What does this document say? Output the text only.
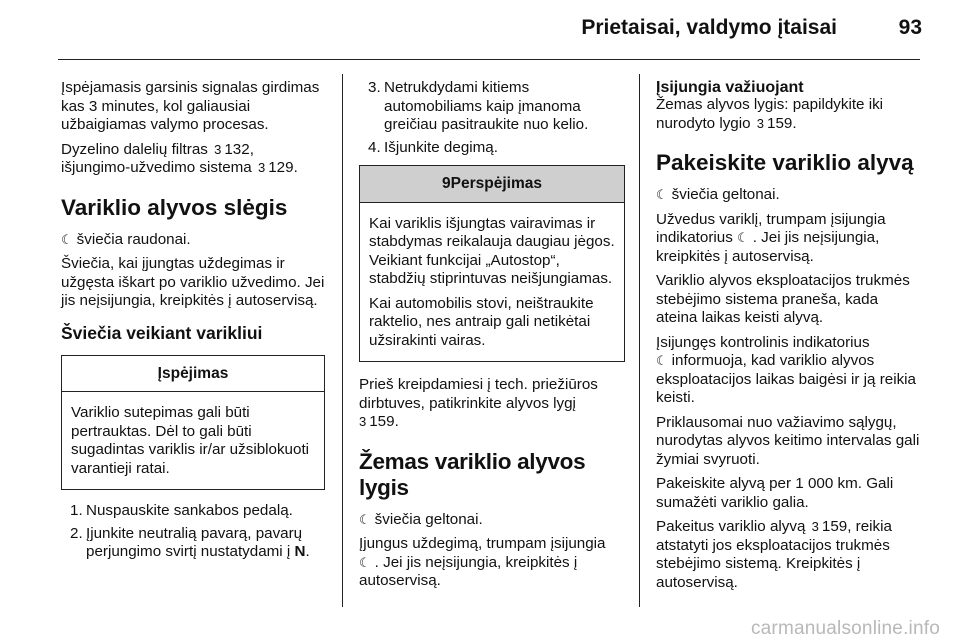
Prietaisai, valdymo įtaisai	93

Įspėjamasis garsinis signalas girdimas kas 3 minutes, kol galiausiai užbaigiamas valymo procesas.

Dyzelino dalelių filtras 3 132,
išjungimo-užvedimo sistema 3 129.

Variklio alyvos slėgis

☾ šviečia raudonai.

Šviečia, kai įjungtas uždegimas ir užgęsta iškart po variklio užvedimo. Jei jis neįsijungia, kreipkitės į autoservisą.

Šviečia veikiant varikliui
Įspėjimas

Variklio sutepimas gali būti pertrauktas. Dėl to gali būti sugadintas variklis ir/ar užsiblokuoti varantieji ratai.

1. Nuspauskite sankabos pedalą.
2. Įjunkite neutralią pavarą, pavarų perjungimo svirtį nustatydami į N.
3. Netrukdydami kitiems automobiliams kaip įmanoma greičiau pasitraukite nuo kelio.
4. Išjunkite degimą.
9Perspėjimas

Kai variklis išjungtas vairavimas ir stabdymas reikalauja daugiau jėgos. Veikiant funkcijai „Autostop“, stabdžių stiprintuvas neišjungiamas.

Kai automobilis stovi, neištraukite raktelio, nes antraip gali netikėtai užsirakinti vairas.

Prieš kreipdamiesi į tech. priežiūros dirbtuves, patikrinkite alyvos lygį
3 159.

Žemas variklio alyvos lygis

☾ šviečia geltonai.

Įjungus uždegimą, trumpam įsijungia
☾ . Jei jis neįsijungia, kreipkitės į autoservisą.

Įsijungia važiuojant

Žemas alyvos lygis: papildykite iki nurodyto lygio 3 159.

Pakeiskite variklio alyvą

☾ šviečia geltonai.

Užvedus variklį, trumpam įsijungia indikatorius ☾ . Jei jis neįsijungia, kreipkitės į autoservisą.

Variklio alyvos eksploatacijos trukmės stebėjimo sistema praneša, kada ateina laikas keisti alyvą.

Įsijungęs kontrolinis indikatorius ☾ informuoja, kad variklio alyvos eksploatacijos laikas baigėsi ir ją reikia keisti.

Priklausomai nuo važiavimo sąlygų, nurodytas alyvos keitimo intervalas gali žymiai svyruoti.

Pakeiskite alyvą per 1 000 km. Gali sumažėti variklio galia.

Pakeitus variklio alyvą 3 159, reikia atstatyti jos eksploatacijos trukmės stebėjimo sistemą. Kreipkitės į autoservisą.

carmanualsonline.info
